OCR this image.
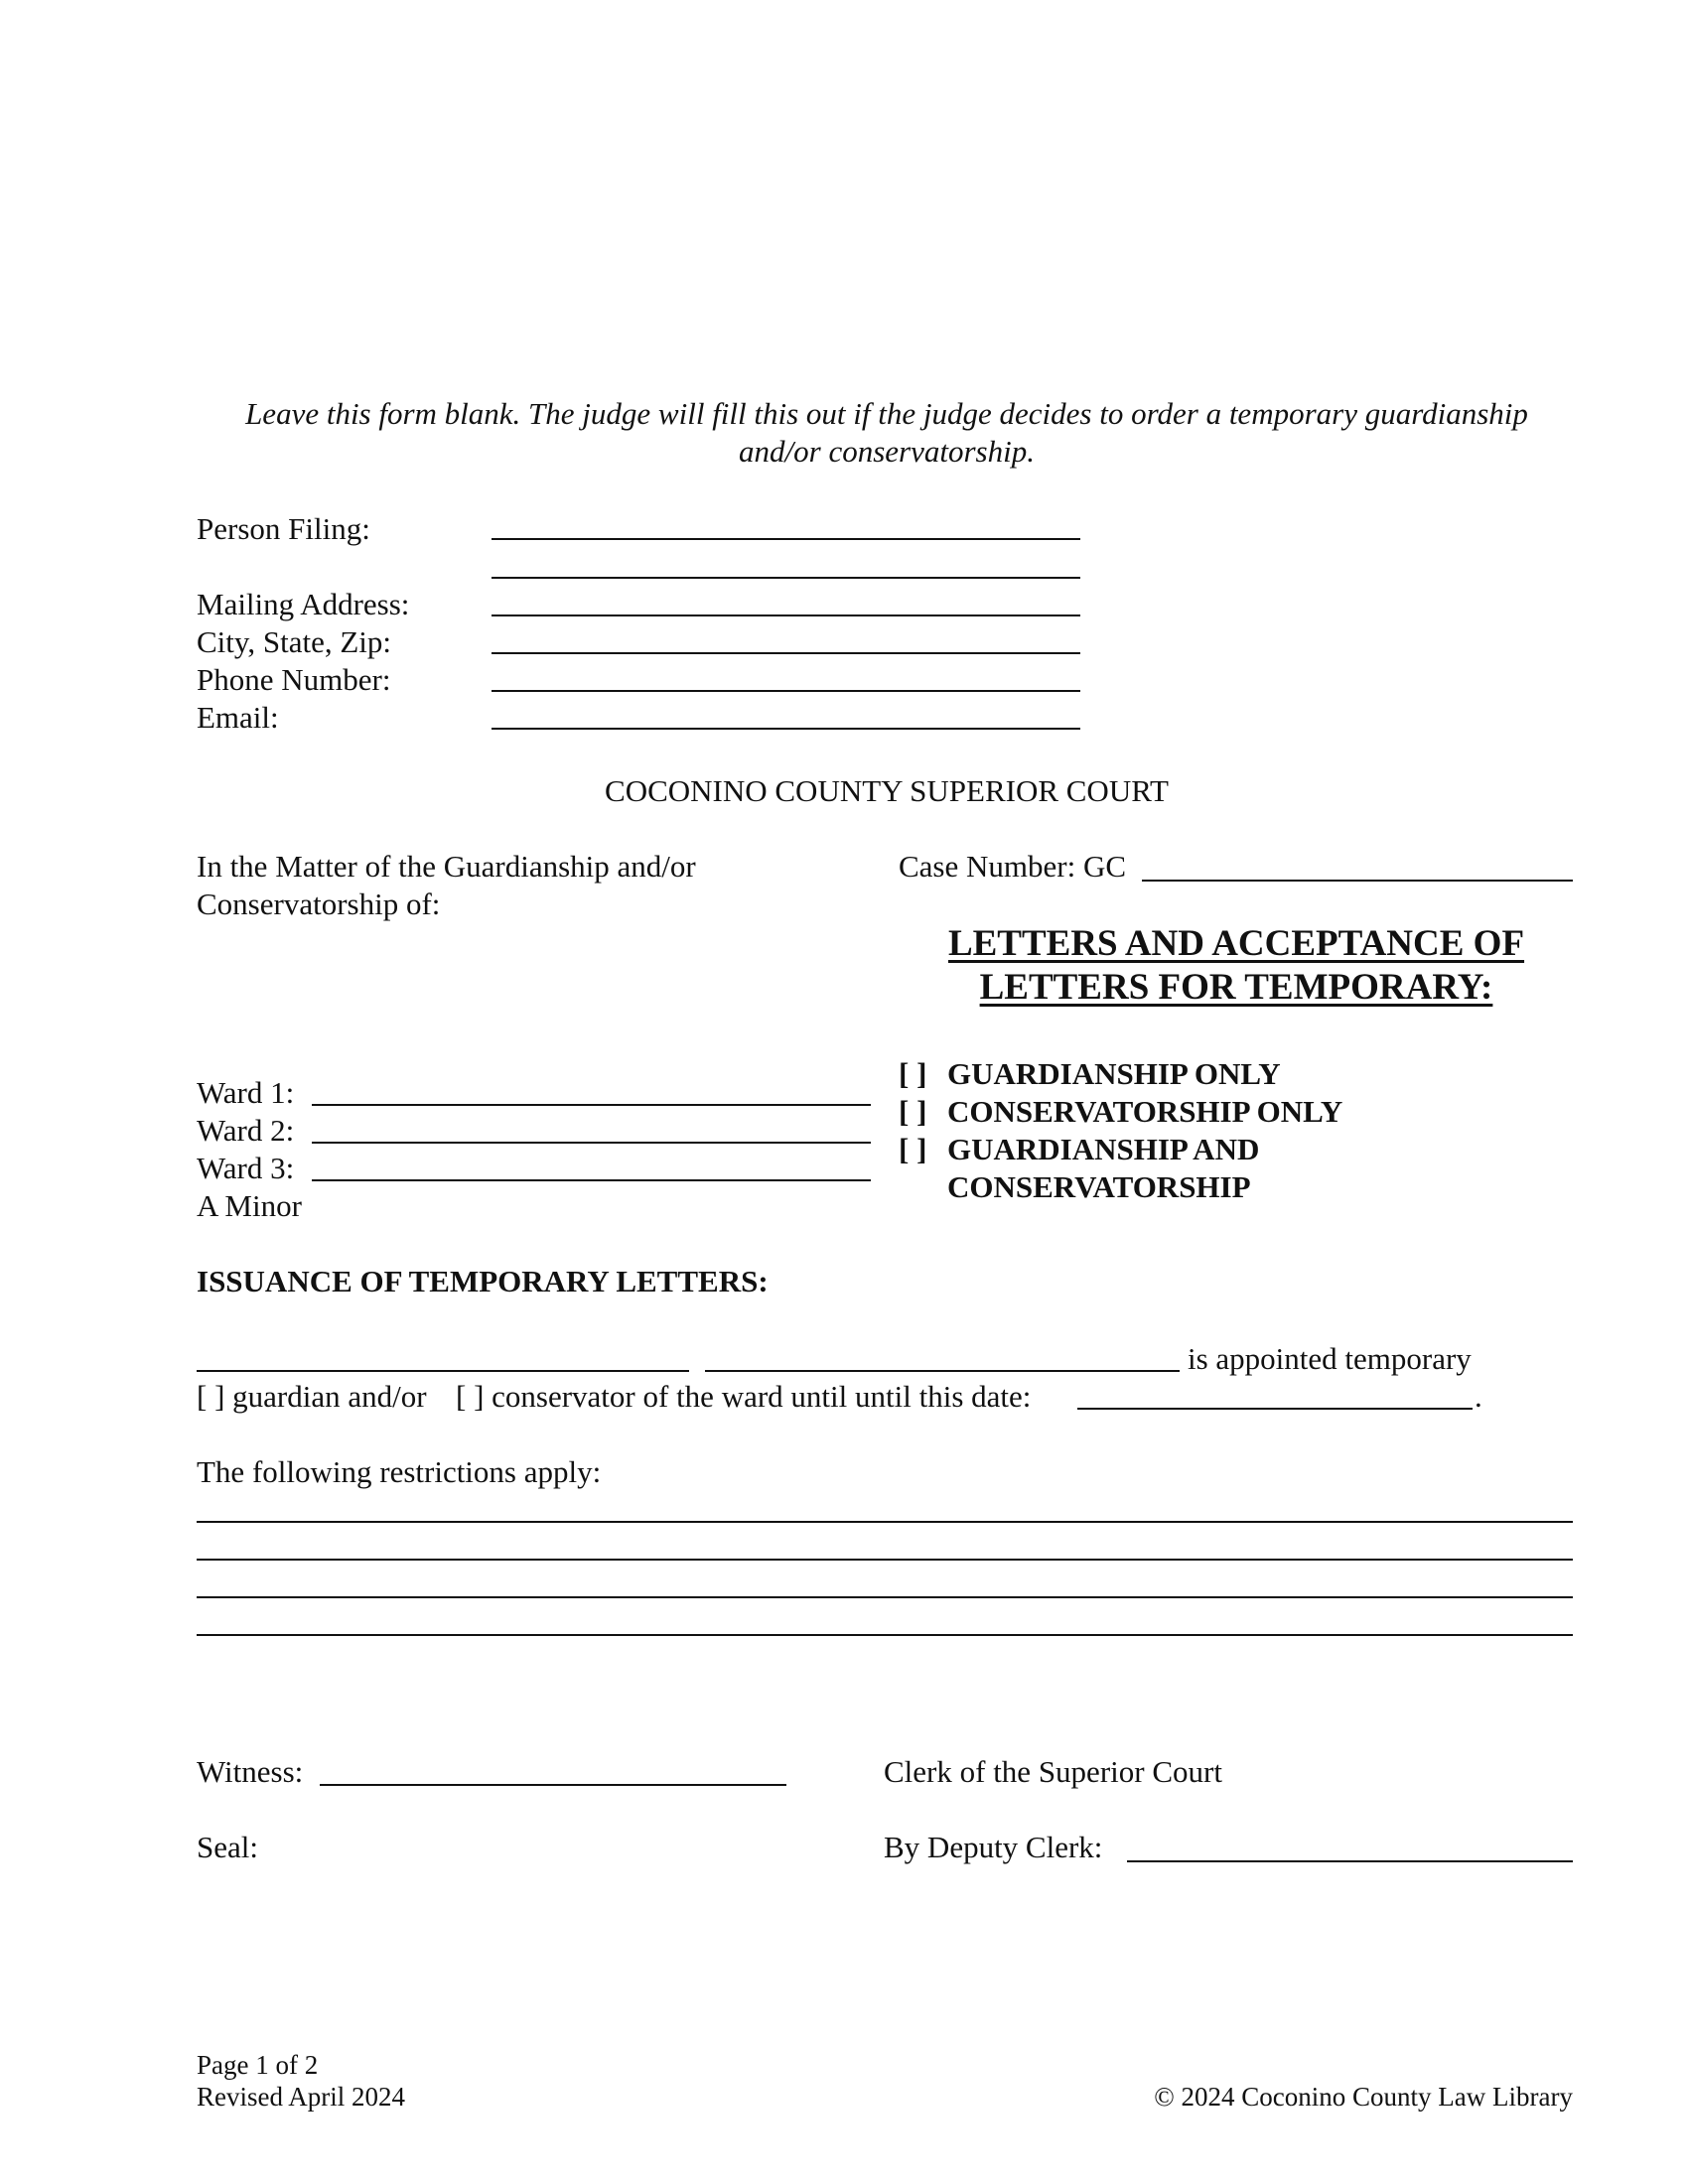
Leave this form blank. The judge will fill this out if the judge decides to order a temporary guardianship
and/or conservatorship.
Person Filing:
Mailing Address:
City, State, Zip:
Phone Number:
Email:
COCONINO COUNTY SUPERIOR COURT
In the Matter of the Guardianship and/or
Conservatorship of:
Case Number: GC
LETTERS AND ACCEPTANCE OF
LETTERS FOR TEMPORARY:
Ward 1:
Ward 2:
Ward 3:
A Minor
[ ] GUARDIANSHIP ONLY
[ ] CONSERVATORSHIP ONLY
[ ] GUARDIANSHIP AND
CONSERVATORSHIP
ISSUANCE OF TEMPORARY LETTERS:
is appointed temporary
[ ] guardian and/or [ ] conservator of the ward until until this date:	.
The following restrictions apply:
Witness:	Clerk of the Superior Court
Seal:	By Deputy Clerk:
Page 1 of 2
Revised April 2024	© 2024 Coconino County Law Library
